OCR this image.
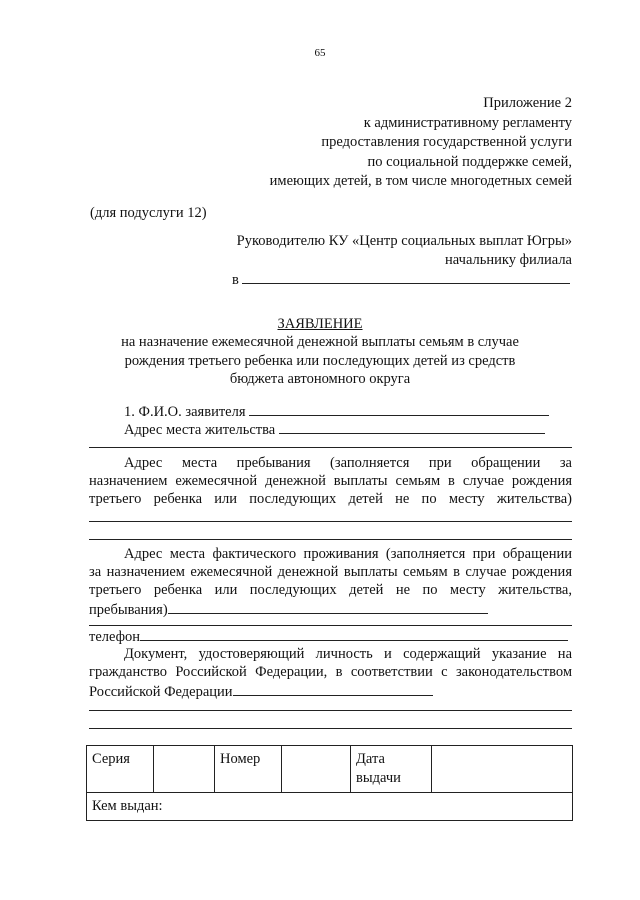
65
Приложение 2
к административному регламенту
предоставления государственной услуги
по социальной поддержке семей,
имеющих детей, в том числе многодетных семей
(для подуслуги 12)
Руководителю КУ «Центр социальных выплат Югры»
начальнику филиала
в
ЗАЯВЛЕНИЕ
на назначение ежемесячной денежной выплаты семьям в случае
рождения третьего ребенка или последующих детей из средств
бюджета автономного округа
1. Ф.И.О. заявителя
Адрес места жительства
Адрес места пребывания (заполняется при обращении за
назначением ежемесячной денежной выплаты семьям в случае рождения
третьего ребенка или последующих детей не по месту жительства)
Адрес места фактического проживания (заполняется при обращении
за назначением ежемесячной денежной выплаты семьям в случае рождения
третьего ребенка или последующих детей не по месту жительства,
пребывания)
телефон
Документ, удостоверяющий личность и содержащий указание на
гражданство Российской Федерации, в соответствии с законодательством
Российской Федерации
Серия		Номер		Дата
выдачи

Кем выдан:
